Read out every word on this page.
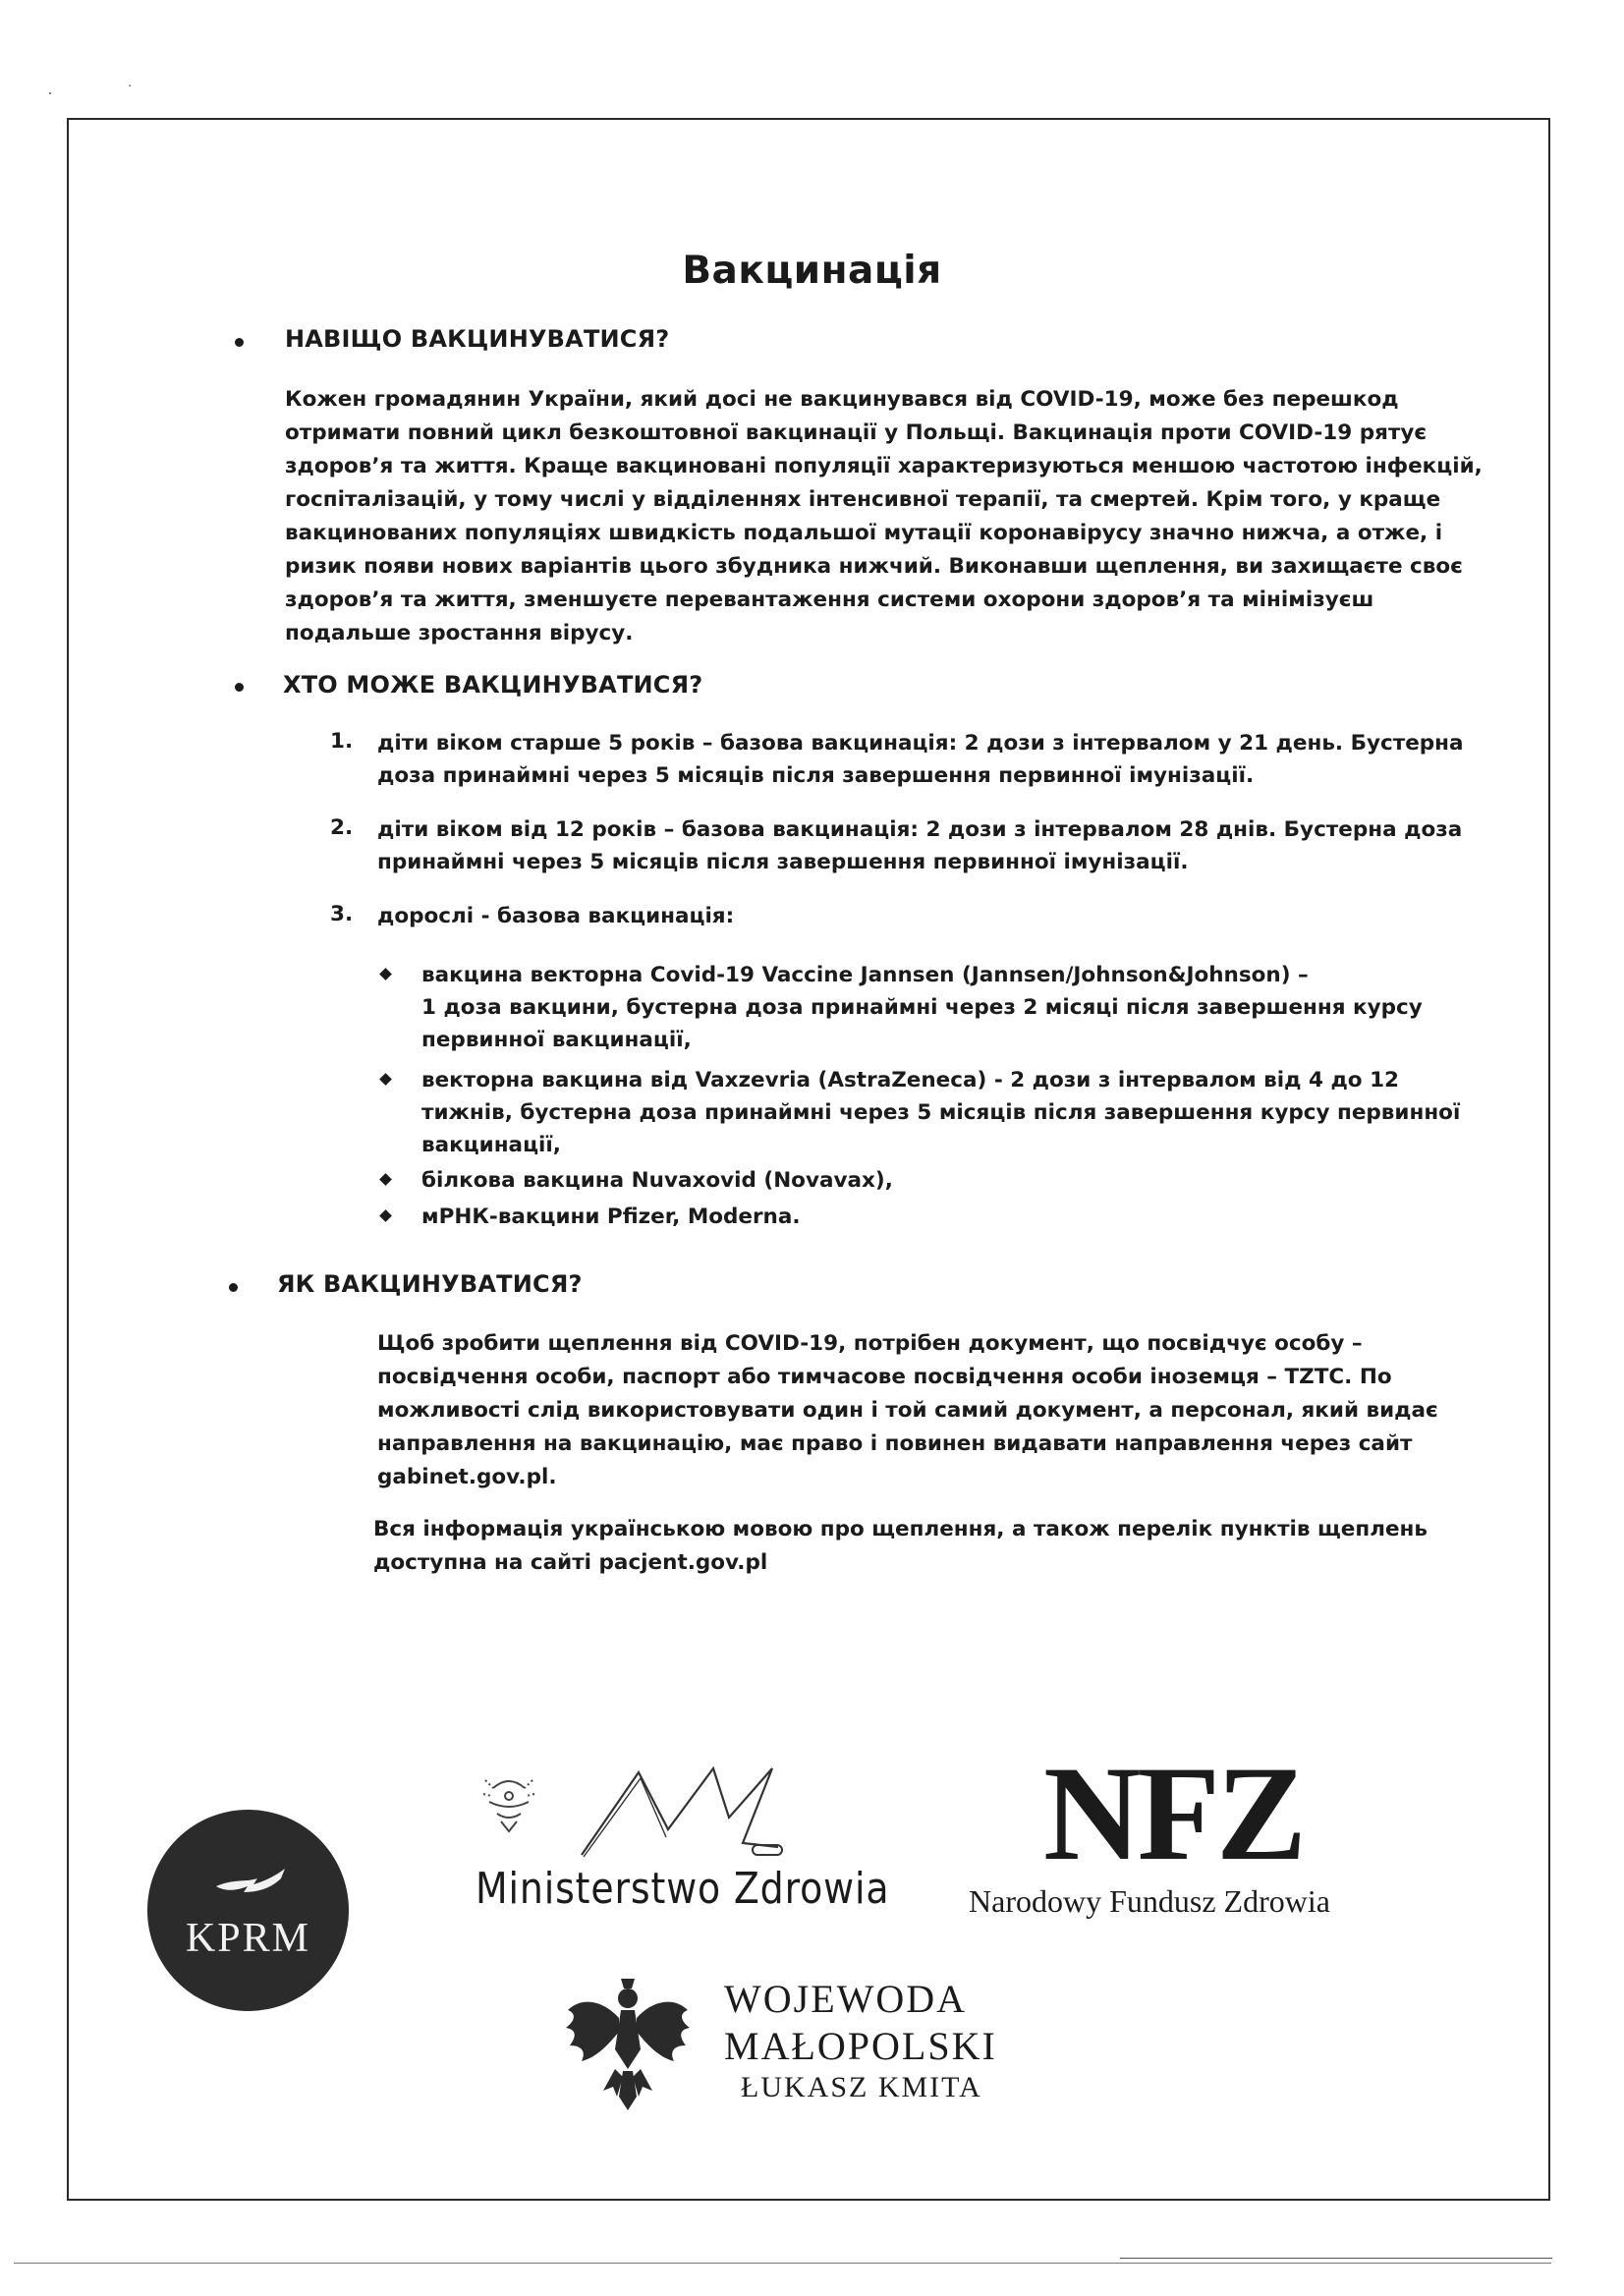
·	˙
Вакцинація
НАВІЩО ВАКЦИНУВАТИСЯ?

Кожен громадянин України, який досі не вакцинувався від COVID-19, може без перешкод

отримати повний цикл безкоштовної вакцинації у Польщі. Вакцинація проти COVID-19 рятує

здоров’я та життя. Краще вакциновані популяції характеризуються меншою частотою інфекцій,

госпіталізацій, у тому числі у відділеннях інтенсивної терапії, та смертей. Крім того, у краще

вакцинованих популяціях швидкість подальшої мутації коронавірусу значно нижча, а отже, і

ризик появи нових варіантів цього збудника нижчий. Виконавши щеплення, ви захищаєте своє

здоров’я та життя, зменшуєте перевантаження системи охорони здоров’я та мінімізуєш

подальше зростання вірусу.

ХТО МОЖЕ ВАКЦИНУВАТИСЯ?
1. діти віком старше 5 років – базова вакцинація: 2 дози з інтервалом у 21 день. Бустерна

доза принаймні через 5 місяців після завершення первинної імунізації.

2. діти віком від 12 років – базова вакцинація: 2 дози з інтервалом 28 днів. Бустерна доза

принаймні через 5 місяців після завершення первинної імунізації.

3. дорослі - базова вакцинація:

вакцина векторна Covid-19 Vaccine Jannsen (Jannsen/Johnson&Johnson) –

1 доза вакцини, бустерна доза принаймні через 2 місяці після завершення курсу

первинної вакцинації,

векторна вакцина від Vaxzevria (AstraZeneca) - 2 дози з інтервалом від 4 до 12

тижнів, бустерна доза принаймні через 5 місяців після завершення курсу первинної

вакцинації,

білкова вакцина Nuvaxovid (Novavax),

мРНК-вакцини Pfizer, Moderna.

ЯК ВАКЦИНУВАТИСЯ?

Щоб зробити щеплення від COVID-19, потрібен документ, що посвідчує особу –

посвідчення особи, паспорт або тимчасове посвідчення особи іноземця – TZTC. По

можливості слід використовувати один і той самий документ, а персонал, який видає

направлення на вакцинацію, має право і повинен видавати направлення через сайт

gabinet.gov.pl.

Вся інформація українською мовою про щеплення, а також перелік пунктів щеплень

доступна на сайті pacjent.gov.pl

KPRM
Ministerstwo Zdrowia
NFZ
Narodowy Fundusz Zdrowia
WOJEWODA
MAŁOPOLSKI
ŁUKASZ KMITA
